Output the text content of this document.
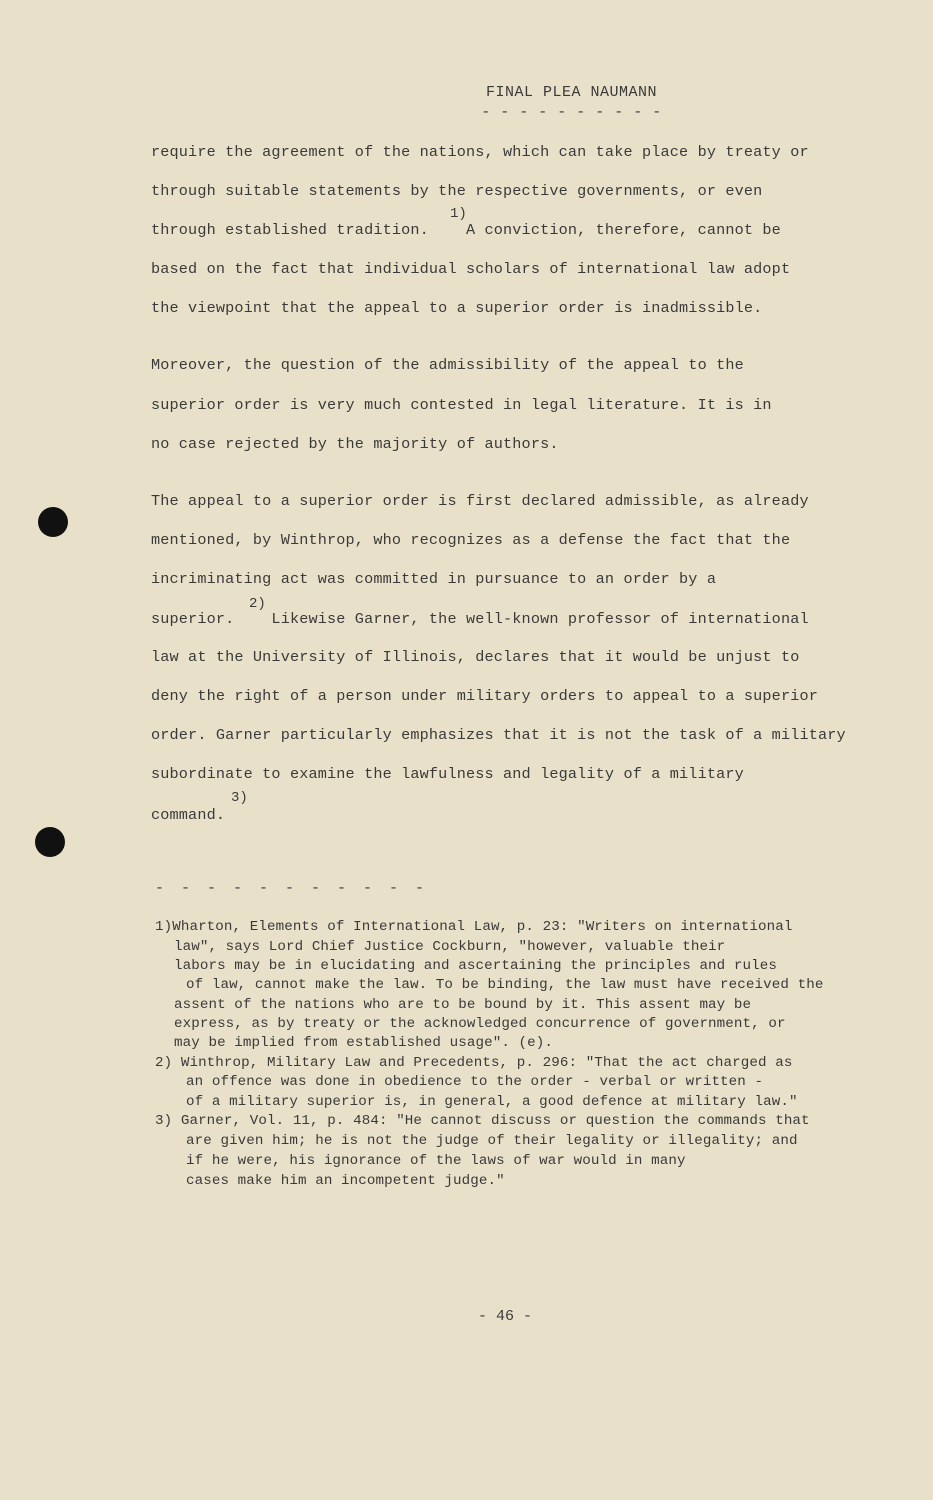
FINAL PLEA NAUMANN
- - - - - - - - - -
require the agreement of the nations, which can take place by treaty or
through suitable statements by the respective governments, or even
through established tradition.    A conviction, therefore, cannot be
1)
based on the fact that individual scholars of international law adopt
the viewpoint that the appeal to a superior order is inadmissible.
Moreover, the question of the admissibility of the appeal to the
superior order is very much contested in legal literature. It is in
no case rejected by the majority of authors.
The appeal to a superior order is first declared admissible, as already
mentioned, by Winthrop, who recognizes as a defense the fact that the
incriminating act was committed in pursuance to an order by a
superior.    Likewise Garner, the well-known professor of international
2)
law at the University of Illinois, declares that it would be unjust to
deny the right of a person under military orders to appeal to a superior
order. Garner particularly emphasizes that it is not the task of a military
subordinate to examine the lawfulness and legality of a military
command.
3)
- - - - - - - - - - -
1)Wharton, Elements of International Law, p. 23: "Writers on international
law", says Lord Chief Justice Cockburn, "however, valuable their
labors may be in elucidating and ascertaining the principles and rules
of law, cannot make the law. To be binding, the law must have received the
assent of the nations who are to be bound by it. This assent may be
express, as by treaty or the acknowledged concurrence of government, or
may be implied from established usage". (e).
2) Winthrop, Military Law and Precedents, p. 296: "That the act charged as
an offence was done in obedience to the order - verbal or written -
of a military superior is, in general, a good defence at military law."
3) Garner, Vol. 11, p. 484: "He cannot discuss or question the commands that
are given him; he is not the judge of their legality or illegality; and
if he were, his ignorance of the laws of war would in many
cases make him an incompetent judge."
- 46 -
